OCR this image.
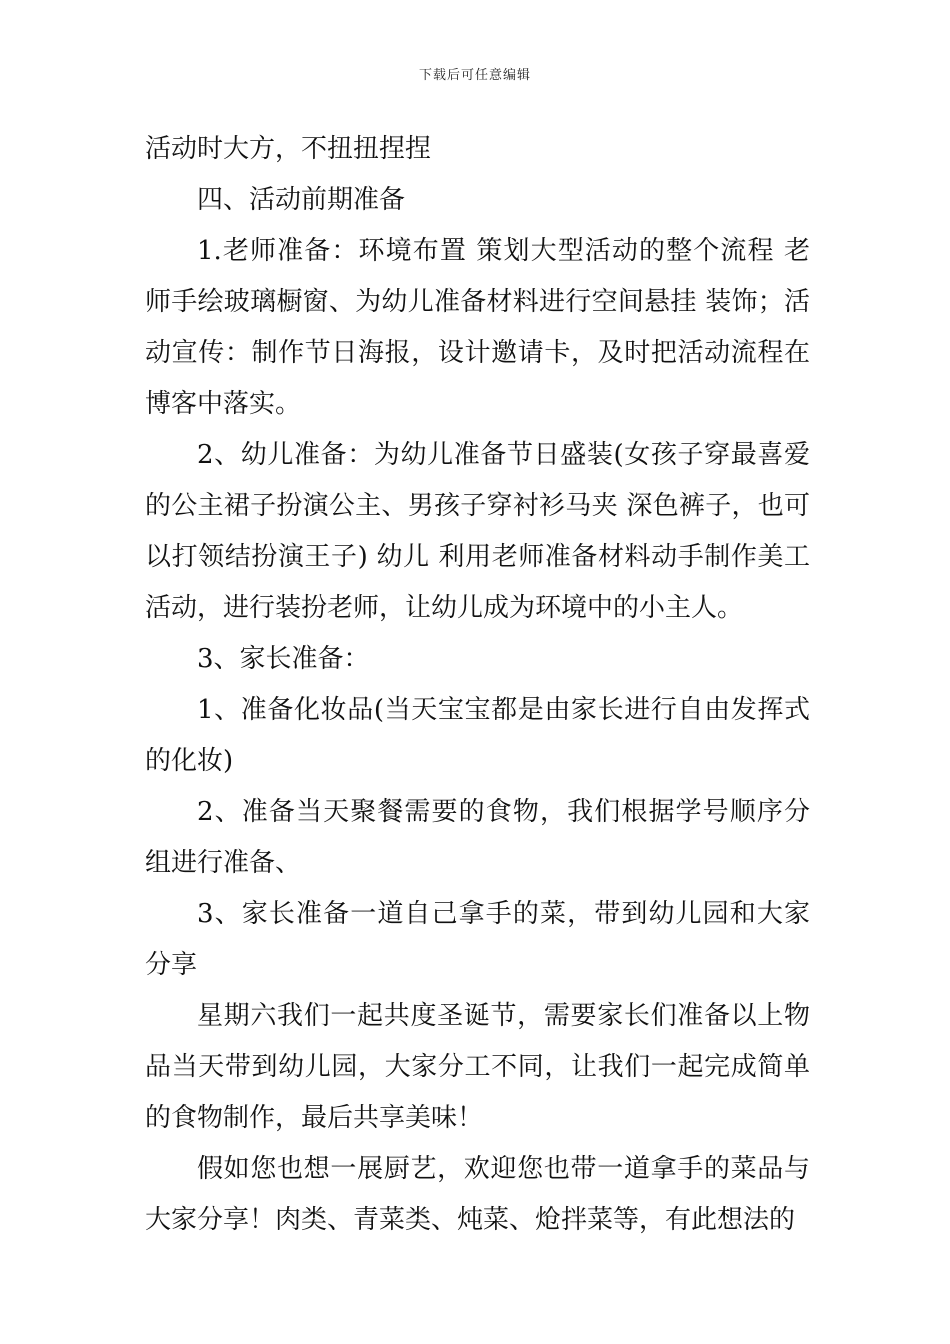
下载后可任意编辑

活动时大方，不扭扭捏捏

四、活动前期准备

1.老师准备：环境布置 策划大型活动的整个流程 老师手绘玻璃橱窗、为幼儿准备材料进行空间悬挂 装饰；活动宣传：制作节日海报，设计邀请卡，及时把活动流程在博客中落实。

2、幼儿准备：为幼儿准备节日盛装(女孩子穿最喜爱的公主裙子扮演公主、男孩子穿衬衫马夹 深色裤子，也可以打领结扮演王子) 幼儿 利用老师准备材料动手制作美工活动，进行装扮老师，让幼儿成为环境中的小主人。

3、家长准备：

1、准备化妆品(当天宝宝都是由家长进行自由发挥式的化妆)

2、准备当天聚餐需要的食物，我们根据学号顺序分组进行准备、

3、家长准备一道自己拿手的菜，带到幼儿园和大家分享

星期六我们一起共度圣诞节，需要家长们准备以上物品当天带到幼儿园，大家分工不同，让我们一起完成简单的食物制作，最后共享美味！

假如您也想一展厨艺，欢迎您也带一道拿手的菜品与大家分享！肉类、青菜类、炖菜、炝拌菜等，有此想法的
